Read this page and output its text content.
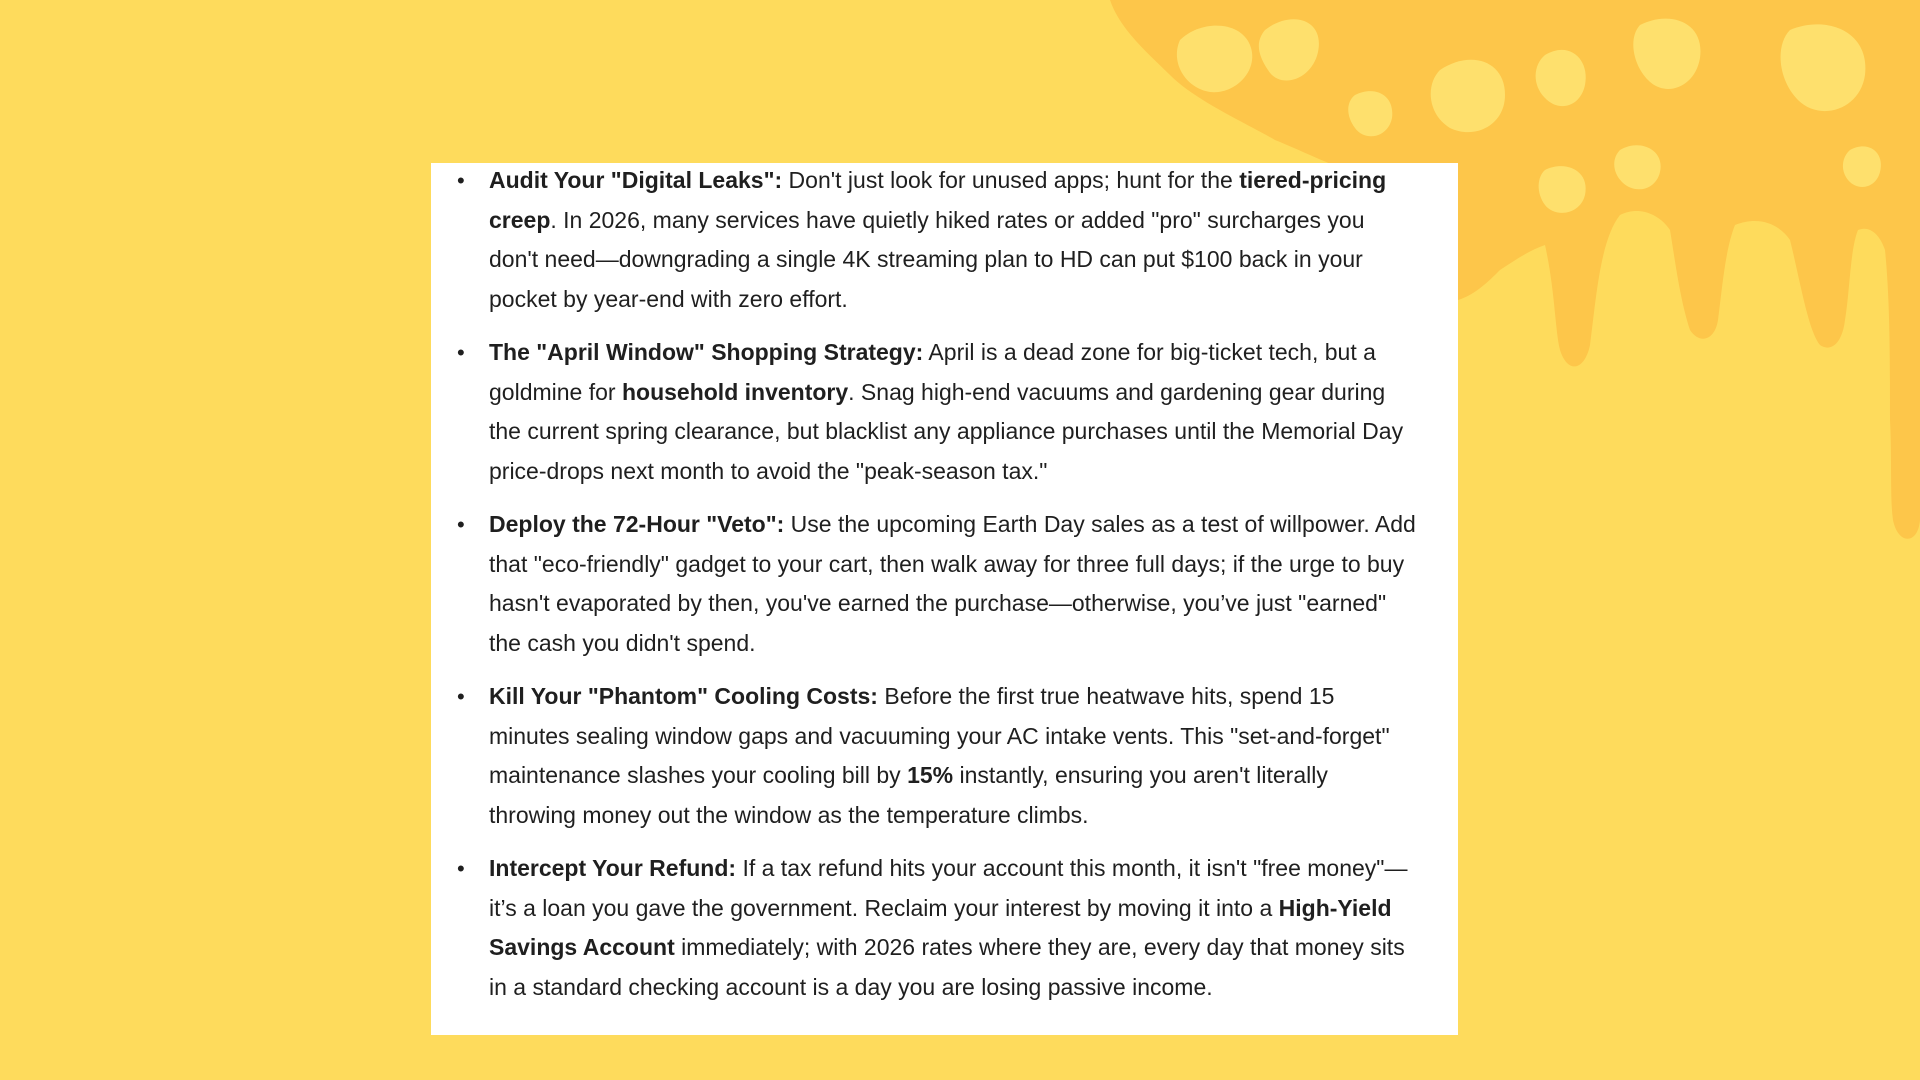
• Audit Your "Digital Leaks": Don't just look for unused apps; hunt for the tiered-pricing creep. In 2026, many services have quietly hiked rates or added "pro" surcharges you don't need—downgrading a single 4K streaming plan to HD can put $100 back in your pocket by year-end with zero effort.
• The "April Window" Shopping Strategy: April is a dead zone for big-ticket tech, but a goldmine for household inventory. Snag high-end vacuums and gardening gear during the current spring clearance, but blacklist any appliance purchases until the Memorial Day price-drops next month to avoid the "peak-season tax."
• Deploy the 72-Hour "Veto": Use the upcoming Earth Day sales as a test of willpower. Add that "eco-friendly" gadget to your cart, then walk away for three full days; if the urge to buy hasn't evaporated by then, you've earned the purchase—otherwise, you’ve just "earned" the cash you didn't spend.
• Kill Your "Phantom" Cooling Costs: Before the first true heatwave hits, spend 15 minutes sealing window gaps and vacuuming your AC intake vents. This "set-and-forget" maintenance slashes your cooling bill by 15% instantly, ensuring you aren't literally throwing money out the window as the temperature climbs.
• Intercept Your Refund: If a tax refund hits your account this month, it isn't "free money"—it’s a loan you gave the government. Reclaim your interest by moving it into a High-Yield Savings Account immediately; with 2026 rates where they are, every day that money sits in a standard checking account is a day you are losing passive income.
